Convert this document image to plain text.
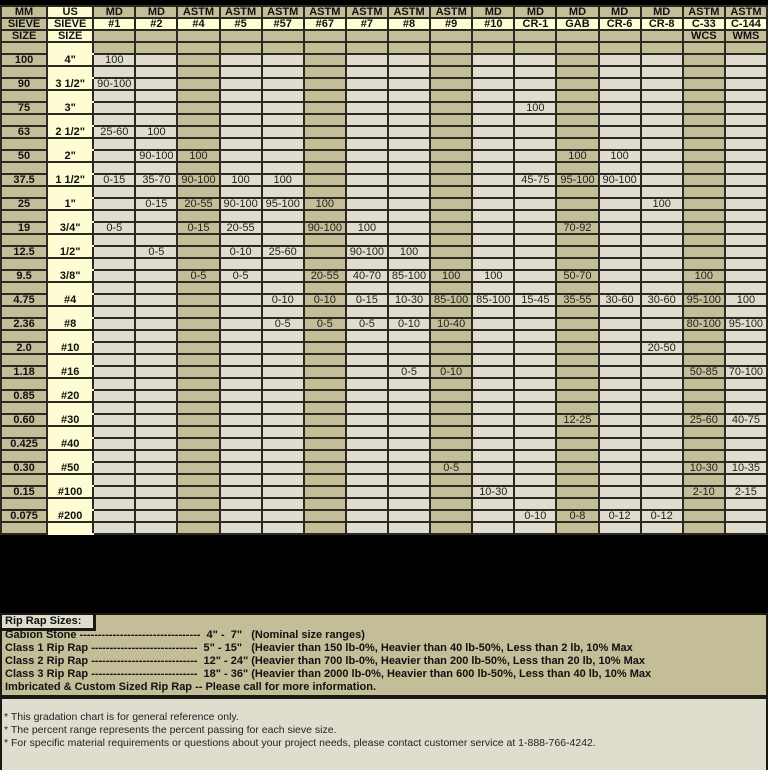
MM	US	MD	MD	ASTM	ASTM	ASTM	ASTM	ASTM	ASTM	ASTM	MD	MD	MD	MD	MD	ASTM	ASTM
SIEVE	SIEVE	#1	#2	#4	#5	#57	#67	#7	#8	#9	#10	CR-1	GAB	CR-6	CR-8	C-33	C-144
SIZE	SIZE															WCS	WMS

100	4"	100															

90	3 1/2"	90-100															

75	3"											100					

63	2 1/2"	25-60	100														

50	2"		90-100	100									100	100			

37.5	1 1/2"	0-15	35-70	90-100	100	100						45-75	95-100	90-100			

25	1"		0-15	20-55	90-100	95-100	100								100		

19	3/4"	0-5		0-15	20-55		90-100	100					70-92				

12.5	1/2"		0-5		0-10	25-60		90-100	100								

9.5	3/8"			0-5	0-5		20-55	40-70	85-100	100	100		50-70			100	

4.75	#4					0-10	0-10	0-15	10-30	85-100	85-100	15-45	35-55	30-60	30-60	95-100	100

2.36	#8					0-5	0-5	0-5	0-10	10-40						80-100	95-100

2.0	#10														20-50		

1.18	#16								0-5	0-10						50-85	70-100

0.85	#20																

0.60	#30												12-25			25-60	40-75

0.425	#40																

0.30	#50									0-5						10-30	10-35

0.15	#100										10-30					2-10	2-15

0.075	#200											0-10	0-8	0-12	0-12		

Rip Rap Sizes:
Gabion Stone ---------------------------------  4" -  7"   (Nominal size ranges)
Class 1 Rip Rap -----------------------------  5" - 15"   (Heavier than 150 lb-0%, Heavier than 40 lb-50%, Less than 2 lb, 10% Max
Class 2 Rip Rap -----------------------------  12" - 24" (Heavier than 700 lb-0%, Heavier than 200 lb-50%, Less than 20 lb, 10% Max
Class 3 Rip Rap -----------------------------  18" - 36" (Heavier than 2000 lb-0%, Heavier than 600 lb-50%, Less than 40 lb, 10% Max
Imbricated & Custom Sized Rip Rap -- Please call for more information.
* This gradation chart is for general reference only.
* The percent range represents the percent passing for each sieve size.
* For specific material requirements or questions about your project needs, please contact customer service at 1-888-766-4242.
